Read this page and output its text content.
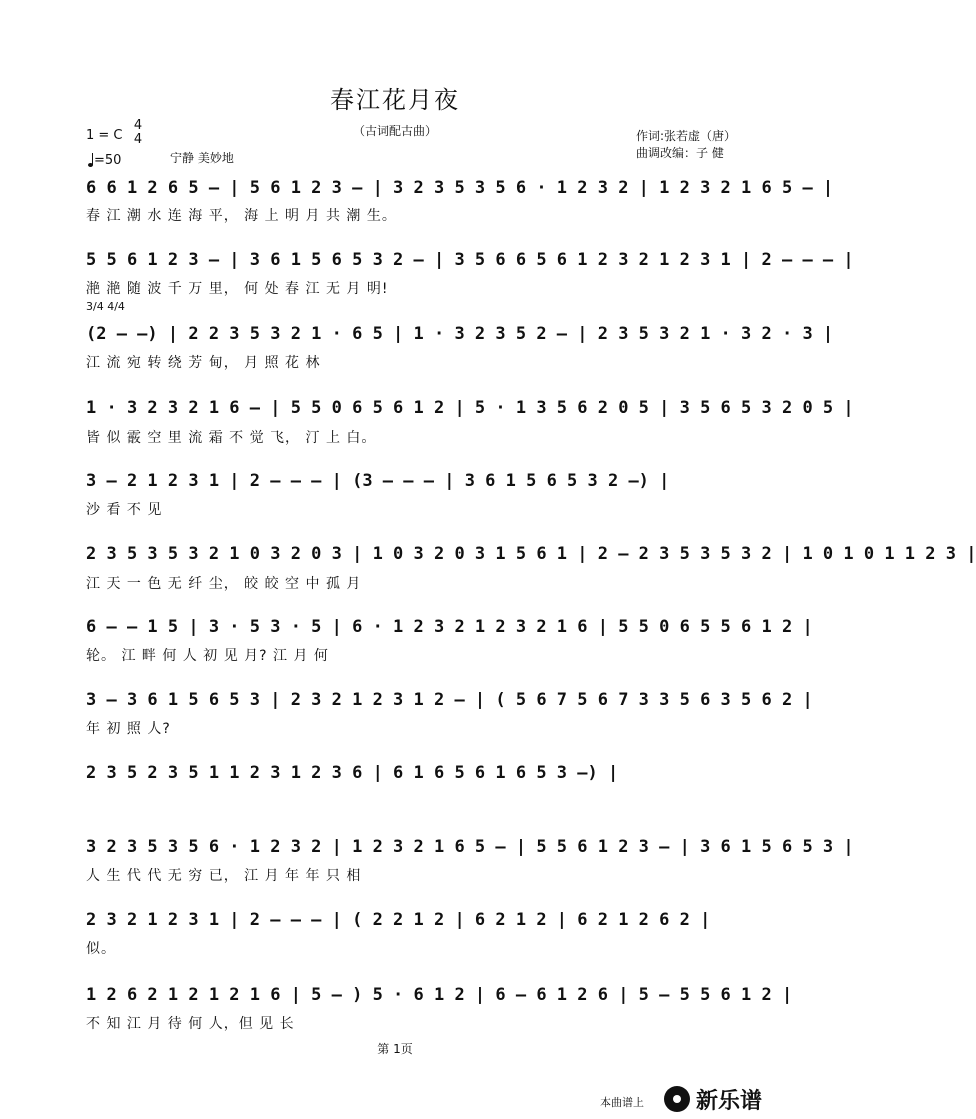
春江花月夜
（古词配古曲）
1 = C
4
4
=50	宁静 美妙地
作词:张若虚（唐）
曲调改编：子 健
6 6 1 2 6 5 – | 5 6 1 2 3 – | 3 2 3 5 3 5 6 · 1 2 3 2 | 1 2 3 2 1 6 5 – |
春 江 潮 水 连 海 平， 海 上 明 月 共 潮 生。
5 5 6 1 2 3 – | 3 6 1 5 6 5 3 2 – | 3 5 6 6 5 6 1 2 3 2 1 2 3 1 | 2 – – – |
滟 滟 随 波 千 万 里， 何 处 春 江 无 月 明!
3/4 4/4
(2 – –) | 2 2 3 5 3 2 1 · 6 5 | 1 · 3 2 3 5 2 – | 2 3 5 3 2 1 · 3 2 · 3 |
江 流 宛 转 绕 芳 甸， 月 照 花 林
1 · 3 2 3 2 1 6 – | 5 5 0 6 5 6 1 2 | 5 · 1 3 5 6 2 0 5 | 3 5 6 5 3 2 0 5 |
皆 似 霰 空 里 流 霜 不 觉 飞， 汀 上 白。
3 – 2 1 2 3 1 | 2 – – – | (3 – – – | 3 6 1 5 6 5 3 2 –) |
沙 看 不 见
2 3 5 3 5 3 2 1 0 3 2 0 3 | 1 0 3 2 0 3 1 5 6 1 | 2 – 2 3 5 3 5 3 2 | 1 0 1 0 1 1 2 3 |
江 天 一 色 无 纤 尘， 皎 皎 空 中 孤 月
6 – – 1 5 | 3 · 5 3 · 5 | 6 · 1 2 3 2 1 2 3 2 1 6 | 5 5 0 6 5 5 6 1 2 |
轮。 江 畔 何 人 初 见 月? 江 月 何
3 – 3 6 1 5 6 5 3 | 2 3 2 1 2 3 1 2 – | ( 5 6 7 5 6 7 3 3 5 6 3 5 6 2 |
年 初 照 人?
2 3 5 2 3 5 1 1 2 3 1 2 3 6 | 6 1 6 5 6 1 6 5 3 –) |
3 2 3 5 3 5 6 · 1 2 3 2 | 1 2 3 2 1 6 5 – | 5 5 6 1 2 3 – | 3 6 1 5 6 5 3 |
人 生 代 代 无 穷 已， 江 月 年 年 只 相
2 3 2 1 2 3 1 | 2 – – – | ( 2 2 1 2 | 6 2 1 2 | 6 2 1 2 6 2 |
似。
1 2 6 2 1 2 1 2 1 6 | 5 – ) 5 · 6 1 2 | 6 – 6 1 2 6 | 5 – 5 5 6 1 2 |
不 知 江 月 待 何 人，但 见 长
第 1页
本曲谱上 新乐谱
